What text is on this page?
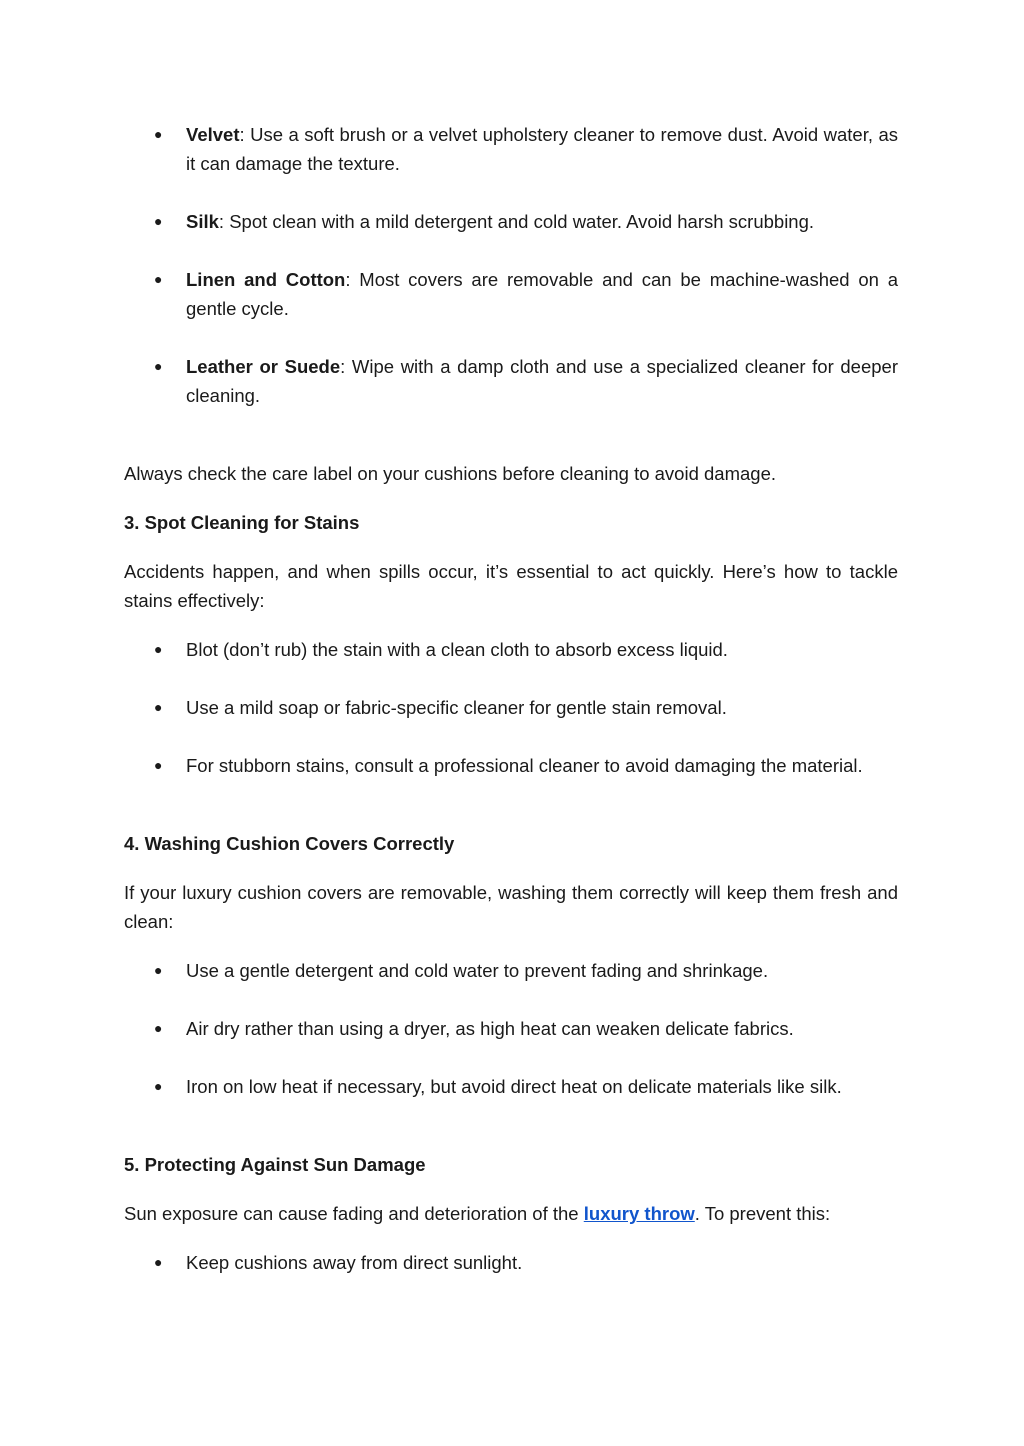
● Velvet: Use a soft brush or a velvet upholstery cleaner to remove dust. Avoid water, as it can damage the texture.
● Silk: Spot clean with a mild detergent and cold water. Avoid harsh scrubbing.
● Linen and Cotton: Most covers are removable and can be machine-washed on a gentle cycle.
● Leather or Suede: Wipe with a damp cloth and use a specialized cleaner for deeper cleaning.

Always check the care label on your cushions before cleaning to avoid damage.

3. Spot Cleaning for Stains

Accidents happen, and when spills occur, it’s essential to act quickly. Here’s how to tackle stains effectively:

● Blot (don’t rub) the stain with a clean cloth to absorb excess liquid.
● Use a mild soap or fabric-specific cleaner for gentle stain removal.
● For stubborn stains, consult a professional cleaner to avoid damaging the material.
4. Washing Cushion Covers Correctly

If your luxury cushion covers are removable, washing them correctly will keep them fresh and clean:

● Use a gentle detergent and cold water to prevent fading and shrinkage.
● Air dry rather than using a dryer, as high heat can weaken delicate fabrics.
● Iron on low heat if necessary, but avoid direct heat on delicate materials like silk.
5. Protecting Against Sun Damage

Sun exposure can cause fading and deterioration of the luxury throw. To prevent this:

● Keep cushions away from direct sunlight.
